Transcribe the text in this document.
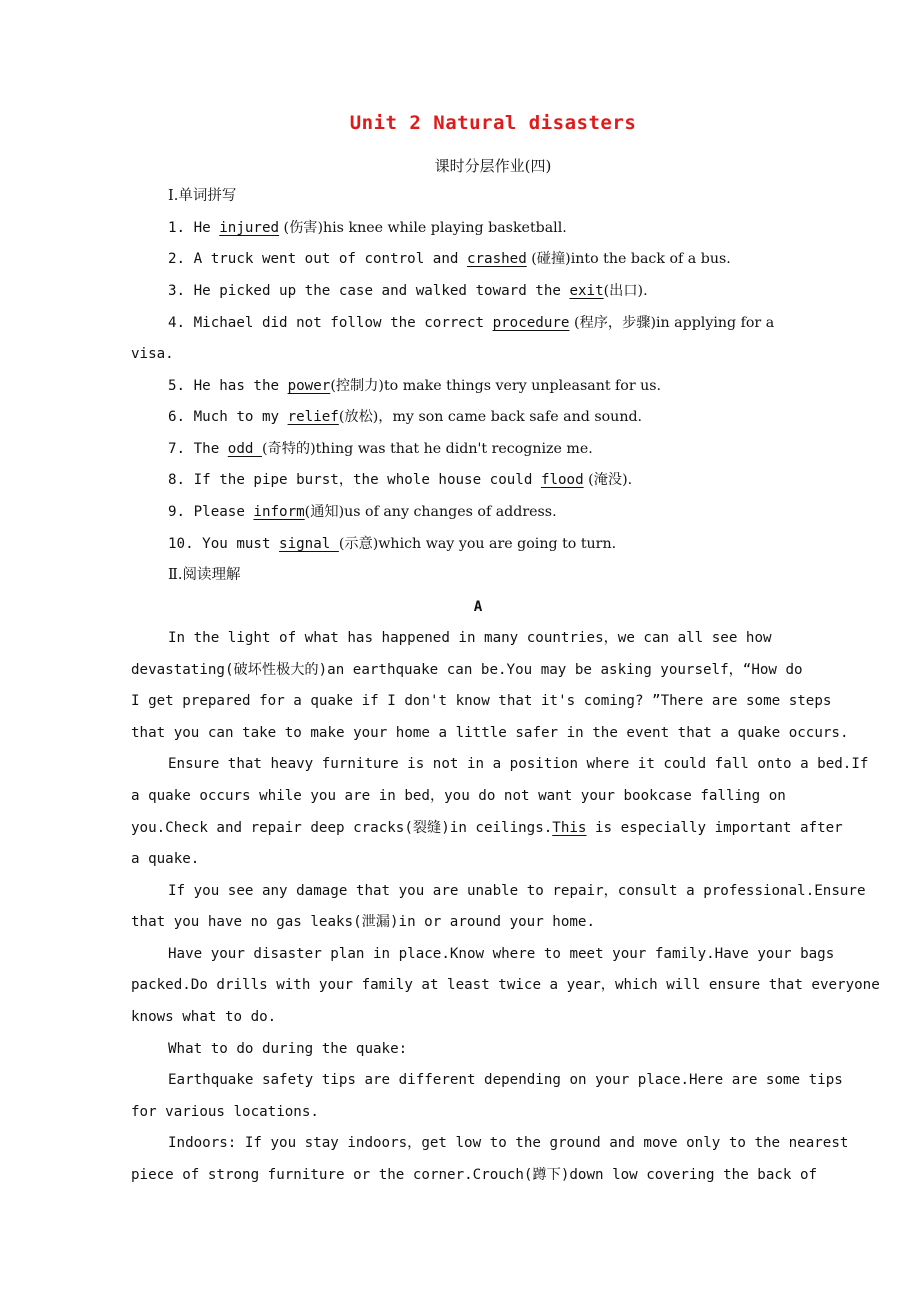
Unit 2 Natural disasters
课时分层作业(四)
Ⅰ.单词拼写
1. He injured (伤害)his knee while playing basketball.
2. A truck went out of control and crashed (碰撞)into the back of a bus.
3. He picked up the case and walked toward the exit(出口).
4. Michael did not follow the correct procedure (程序，步骤)in applying for a
visa.
5. He has the power(控制力)to make things very unpleasant for us.
6. Much to my relief(放松)，my son came back safe and sound.
7. The odd (奇特的)thing was that he didn't recognize me.
8. If the pipe burst，the whole house could flood (淹没).
9. Please inform(通知)us of any changes of address.
10. You must signal (示意)which way you are going to turn.
Ⅱ.阅读理解
A
In the light of what has happened in many countries，we can all see how
devastating(破坏性极大的)an earthquake can be.You may be asking yourself，“How do
I get prepared for a quake if I don't know that it's coming? ”There are some steps
that you can take to make your home a little safer in the event that a quake occurs.
Ensure that heavy furniture is not in a position where it could fall onto a bed.If
a quake occurs while you are in bed，you do not want your bookcase falling on
you.Check and repair deep cracks(裂缝)in ceilings.This is especially important after
a quake.
If you see any damage that you are unable to repair，consult a professional.Ensure
that you have no gas leaks(泄漏)in or around your home.
Have your disaster plan in place.Know where to meet your family.Have your bags
packed.Do drills with your family at least twice a year，which will ensure that everyone
knows what to do.
What to do during the quake:
Earthquake safety tips are different depending on your place.Here are some tips
for various locations.
Indoors: If you stay indoors，get low to the ground and move only to the nearest
piece of strong furniture or the corner.Crouch(蹲下)down low covering the back of
